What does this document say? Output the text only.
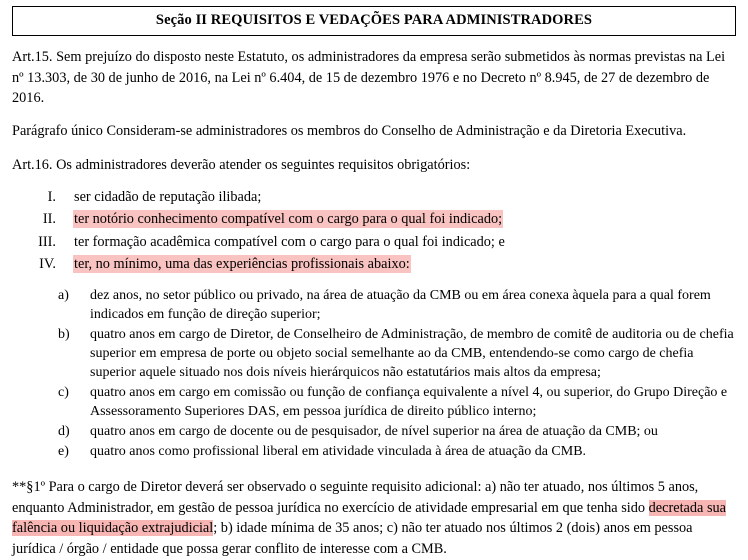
Seção II REQUISITOS E VEDAÇÕES PARA ADMINISTRADORES

Art.15. Sem prejuízo do disposto neste Estatuto, os administradores da empresa serão submetidos às normas previstas na Lei nº 13.303, de 30 de junho de 2016, na Lei nº 6.404, de 15 de dezembro 1976 e no Decreto nº 8.945, de 27 de dezembro de 2016.

Parágrafo único Consideram-se administradores os membros do Conselho de Administração e da Diretoria Executiva.

Art.16. Os administradores deverão atender os seguintes requisitos obrigatórios:

I. ser cidadão de reputação ilibada;
II. ter notório conhecimento compatível com o cargo para o qual foi indicado;
III. ter formação acadêmica compatível com o cargo para o qual foi indicado; e
IV. ter, no mínimo, uma das experiências profissionais abaixo:
a)	dez anos, no setor público ou privado, na área de atuação da CMB ou em área conexa àquela para a qual forem indicados em função de direção superior;
b)	quatro anos em cargo de Diretor, de Conselheiro de Administração, de membro de comitê de auditoria ou de chefia superior em empresa de porte ou objeto social semelhante ao da CMB, entendendo-se como cargo de chefia superior aquele situado nos dois níveis hierárquicos não estatutários mais altos da empresa;
c)	quatro anos em cargo em comissão ou função de confiança equivalente a nível 4, ou superior, do Grupo Direção e Assessoramento Superiores DAS, em pessoa jurídica de direito público interno;
d)	quatro anos em cargo de docente ou de pesquisador, de nível superior na área de atuação da CMB; ou
e)	quatro anos como profissional liberal em atividade vinculada à área de atuação da CMB.

**§1º Para o cargo de Diretor deverá ser observado o seguinte requisito adicional: a) não ter atuado, nos últimos 5 anos, enquanto Administrador, em gestão de pessoa jurídica no exercício de atividade empresarial em que tenha sido decretada sua falência ou liquidação extrajudicial; b) idade mínima de 35 anos; c) não ter atuado nos últimos 2 (dois) anos em pessoa jurídica / órgão / entidade que possa gerar conflito de interesse com a CMB.
